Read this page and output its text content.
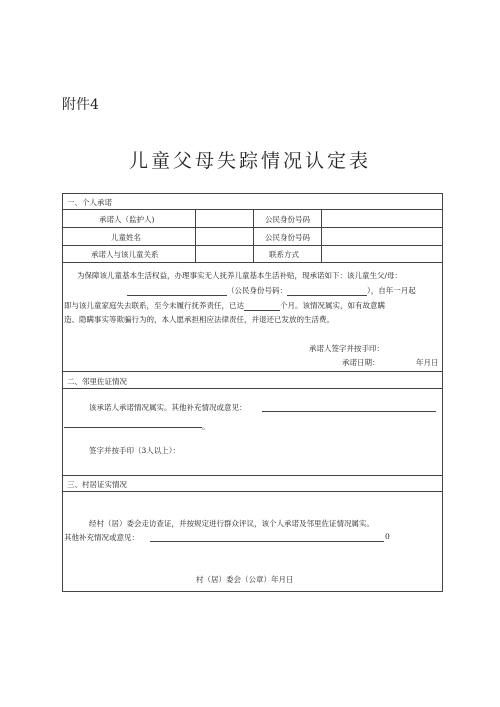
附件4
儿童父母失踪情况认定表
一、个人承诺
承诺人（监护人)	公民身份号码
儿童姓名	公民身份号码
承诺人与该儿童关系	联系方式
为保障该儿童基本生活权益，办理事实无人抚养儿童基本生活补贴，现承诺如下：该儿童生父/母：
（公民身份号码：	），自年一月起
即与该儿童家庭失去联系，至今未履行抚养责任，已达	个月。该情况属实，如有故意瞒
造、隐瞒事实等欺骗行为的，本人愿承担相应法律责任，并退还已发放的生活费。
承诺人签字并按手印：
承诺日期：	年月日
二、邻里佐证情况
该承诺人承诺情况属实。其他补充情况或意见：
。
签字并按手印（3人以上）：
三、村居证实情况
经村（居）委会走访查证，并按规定进行群众评议，该个人承诺及邻里佐证情况属实。
其他补充情况或意见：	0
村（居）委会（公章）年月日
